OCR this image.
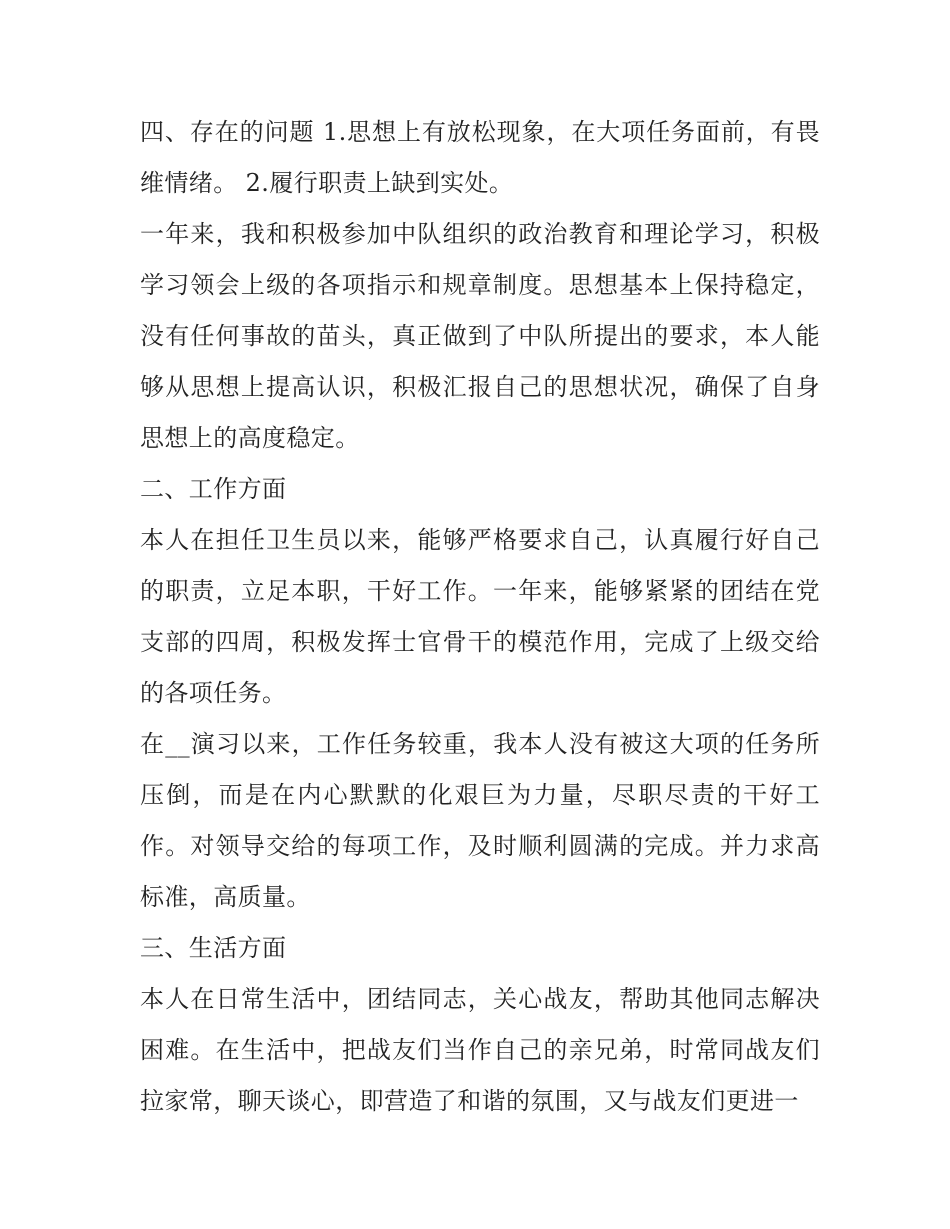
四、存在的问题 1.思想上有放松现象，在大项任务面前，有畏维情绪。 2.履行职责上缺到实处。

一年来，我和积极参加中队组织的政治教育和理论学习，积极学习领会上级的各项指示和规章制度。思想基本上保持稳定，没有任何事故的苗头，真正做到了中队所提出的要求，本人能够从思想上提高认识，积极汇报自己的思想状况，确保了自身思想上的高度稳定。

二、工作方面

本人在担任卫生员以来，能够严格要求自己，认真履行好自己的职责，立足本职，干好工作。一年来，能够紧紧的团结在党支部的四周，积极发挥士官骨干的模范作用，完成了上级交给的各项任务。

在__演习以来，工作任务较重，我本人没有被这大项的任务所压倒，而是在内心默默的化艰巨为力量，尽职尽责的干好工作。对领导交给的每项工作，及时顺利圆满的完成。并力求高标准，高质量。

三、生活方面

本人在日常生活中，团结同志，关心战友，帮助其他同志解决困难。在生活中，把战友们当作自己的亲兄弟，时常同战友们拉家常，聊天谈心，即营造了和谐的氛围，又与战友们更进一
